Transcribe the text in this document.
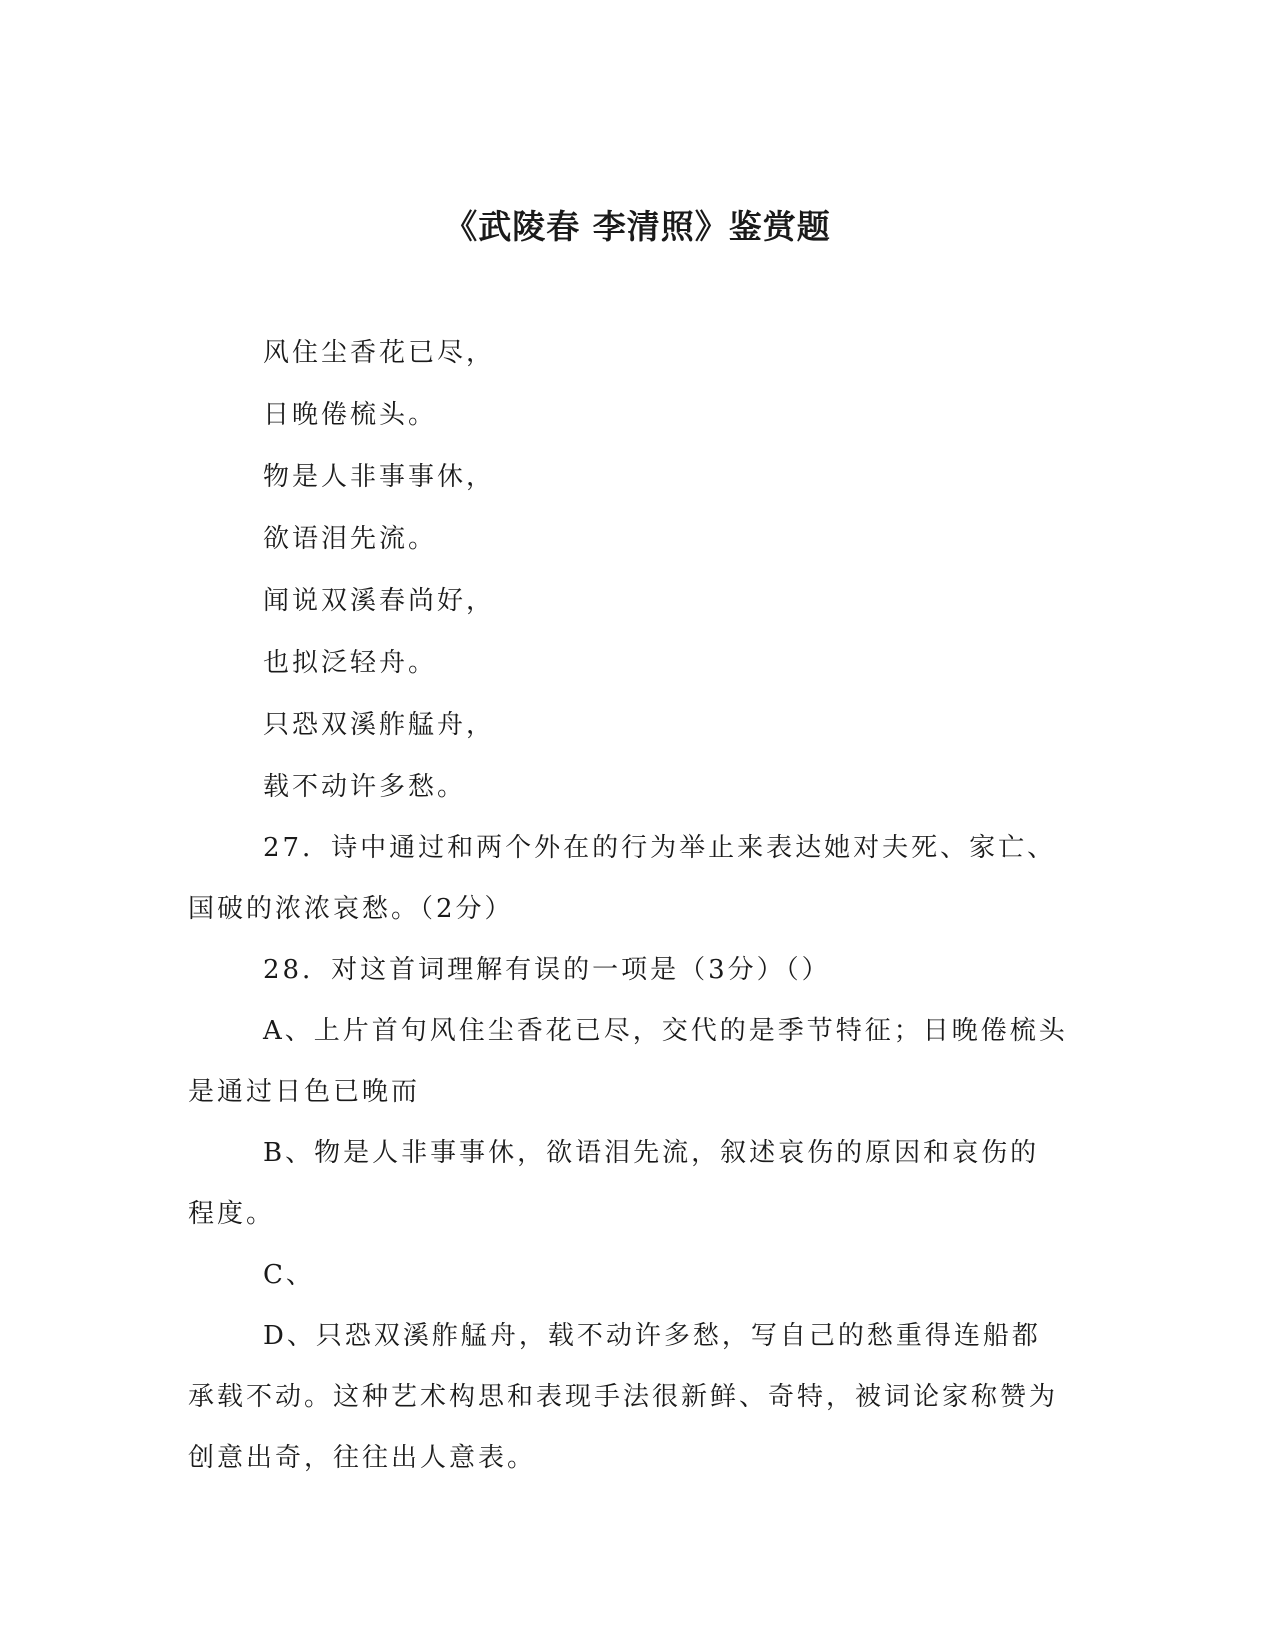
《武陵春 李清照》鉴赏题
风住尘香花已尽，
日晚倦梳头。
物是人非事事休，
欲语泪先流。
闻说双溪春尚好，
也拟泛轻舟。
只恐双溪舴艋舟，
载不动许多愁。

27．诗中通过和两个外在的行为举止来表达她对夫死、家亡、国破的浓浓哀愁。（2分）

28．对这首词理解有误的一项是（3分）（）

A、上片首句风住尘香花已尽，交代的是季节特征；日晚倦梳头是通过日色已晚而

B、物是人非事事休，欲语泪先流，叙述哀伤的原因和哀伤的程度。

C、

D、只恐双溪舴艋舟，载不动许多愁，写自己的愁重得连船都承载不动。这种艺术构思和表现手法很新鲜、奇特，被词论家称赞为创意出奇，往往出人意表。
